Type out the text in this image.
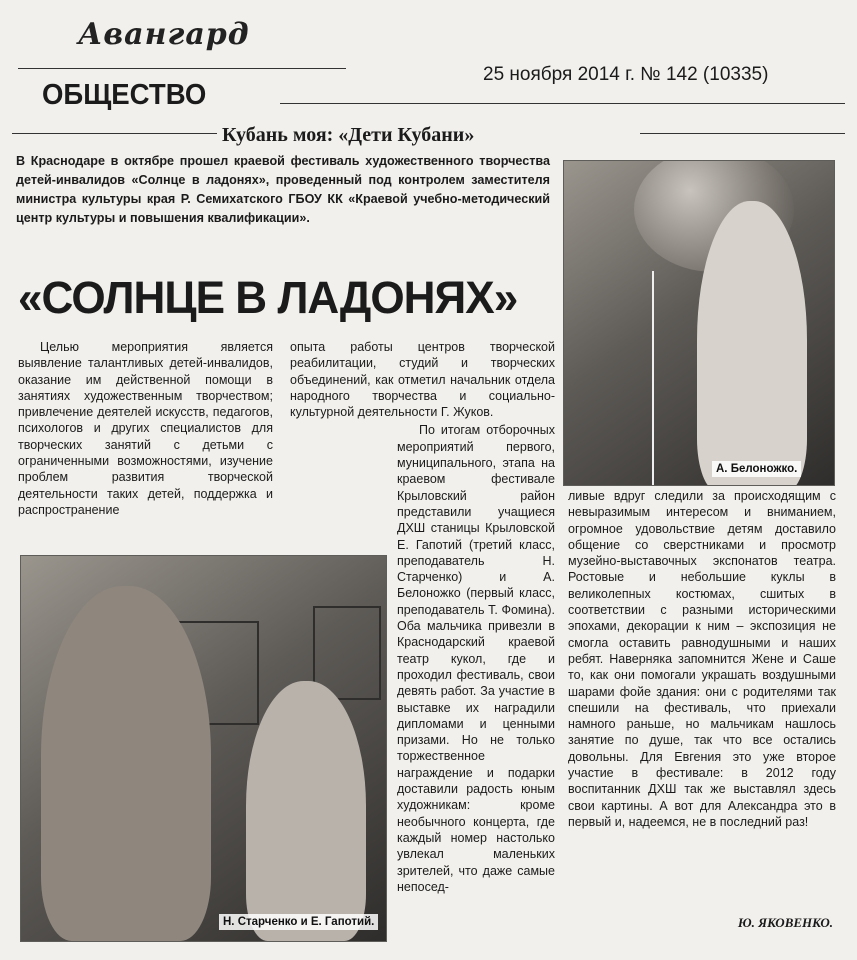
Авангард
ОБЩЕСТВО
25 ноября 2014 г. № 142 (10335)
Кубань моя: «Дети Кубани»
В Краснодаре в октябре прошел краевой фестиваль художественного творчества детей-инвалидов «Солнце в ладонях», проведенный под контролем заместителя министра культуры края Р. Семихатского ГБОУ КК «Краевой учебно-методический центр культуры и повышения квалификации».
«СОЛНЦЕ В ЛАДОНЯХ»

Целью мероприятия является выявление талантливых детей-инвалидов, оказание им действенной помощи в занятиях художественным творчеством; привлечение деятелей искусств, педагогов, психологов и других специалистов для творческих занятий с детьми с ограниченными возможностями, изучение проблем развития творческой деятельности таких детей, поддержка и распространение

опыта работы центров творческой реабилитации, студий и творческих объединений, как отметил начальник отдела народного творчества и социально-культурной деятельности Г. Жуков.

По итогам отборочных мероприятий первого, муниципального, этапа на краевом фестивале Крыловский район представили учащиеся ДХШ станицы Крыловской Е. Гапотий (третий класс, преподаватель Н. Старченко) и А. Белоножко (первый класс, преподаватель Т. Фомина). Оба мальчика привезли в Краснодарский краевой театр кукол, где и проходил фестиваль, свои девять работ. За участие в выставке их наградили дипломами и ценными призами. Но не только торжественное награждение и подарки доставили радость юным художникам: кроме необычного концерта, где каждый номер настолько увлекал маленьких зрителей, что даже самые непосед-

ливые вдруг следили за происходящим с невыразимым интересом и вниманием, огромное удовольствие детям доставило общение со сверстниками и просмотр музейно-выставочных экспонатов театра. Ростовые и небольшие куклы в великолепных костюмах, сшитых в соответствии с разными историческими эпохами, декорации к ним – экспозиция не смогла оставить равнодушными и наших ребят. Наверняка запомнится Жене и Саше то, как они помогали украшать воздушными шарами фойе здания: они с родителями так спешили на фестиваль, что приехали намного раньше, но мальчикам нашлось занятие по душе, так что все остались довольны. Для Евгения это уже второе участие в фестивале: в 2012 году воспитанник ДХШ так же выставлял здесь свои картины. А вот для Александра это в первый и, надеемся, не в последний раз!

А. Белоножко.
Н. Старченко и Е. Гапотий.	Ю. ЯКОВЕНКО.
